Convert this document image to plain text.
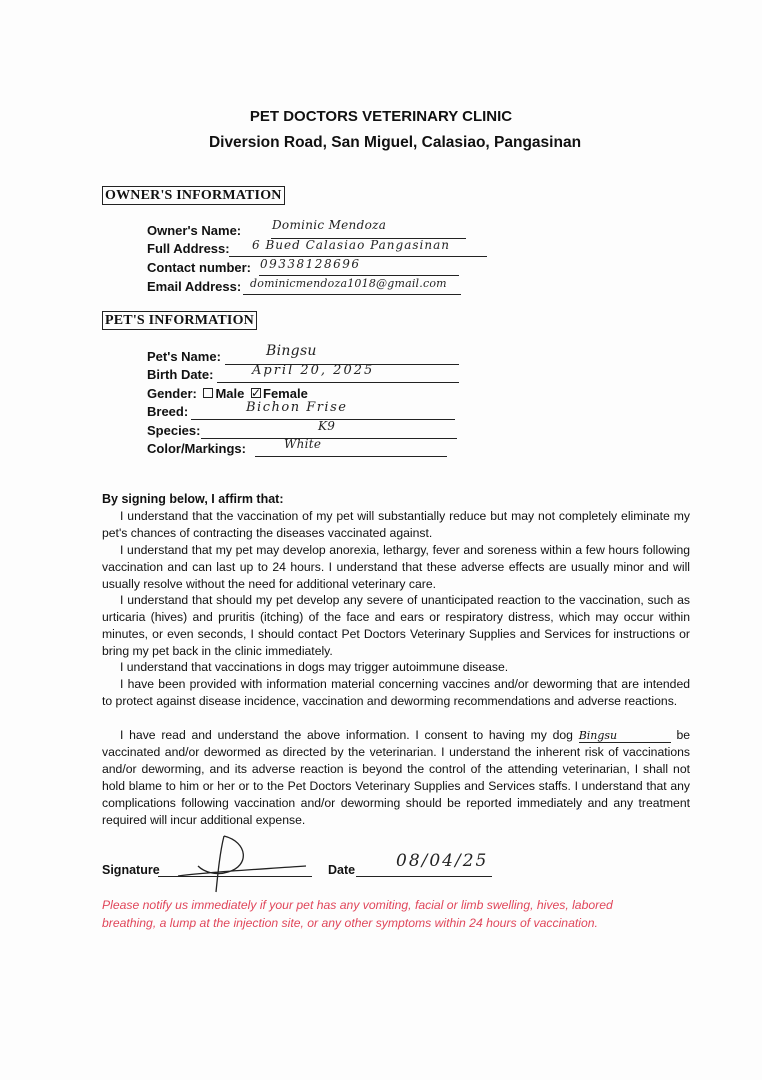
PET DOCTORS VETERINARY CLINIC
Diversion Road, San Miguel, Calasiao, Pangasinan
OWNER'S INFORMATION
Owner's Name:	Dominic Mendoza
Full Address: 6 Bued Calasiao Pangasinan
Contact number: 09338128696
Email Address: dominicmendoza1018@gmail.com
PET'S INFORMATION
Pet's Name:	Bingsu
Birth Date:	April 20, 2025
Gender: Male ✓ Female
Breed:	Bichon Frise
Species:	K9
Color/Markings:	White
By signing below, I affirm that:
I understand that the vaccination of my pet will substantially reduce but may not completely eliminate my pet's chances of contracting the diseases vaccinated against.
I understand that my pet may develop anorexia, lethargy, fever and soreness within a few hours following vaccination and can last up to 24 hours. I understand that these adverse effects are usually minor and will usually resolve without the need for additional veterinary care.
I understand that should my pet develop any severe of unanticipated reaction to the vaccination, such as urticaria (hives) and pruritis (itching) of the face and ears or respiratory distress, which may occur within minutes, or even seconds, I should contact Pet Doctors Veterinary Supplies and Services for instructions or bring my pet back in the clinic immediately.
I understand that vaccinations in dogs may trigger autoimmune disease.
I have been provided with information material concerning vaccines and/or deworming that are intended to protect against disease incidence, vaccination and deworming recommendations and adverse reactions.
I have read and understand the above information. I consent to having my dog Bingsu	be vaccinated and/or dewormed as directed by the veterinarian. I understand the inherent risk of vaccinations and/or deworming, and its adverse reaction is beyond the control of the attending veterinarian, I shall not hold blame to him or her or to the Pet Doctors Veterinary Supplies and Services staffs. I understand that any complications following vaccination and/or deworming should be reported immediately and any treatment required will incur additional expense.
Signature	Date 08/04/25
Please notify us immediately if your pet has any vomiting, facial or limb swelling, hives, labored breathing, a lump at the injection site, or any other symptoms within 24 hours of vaccination.
